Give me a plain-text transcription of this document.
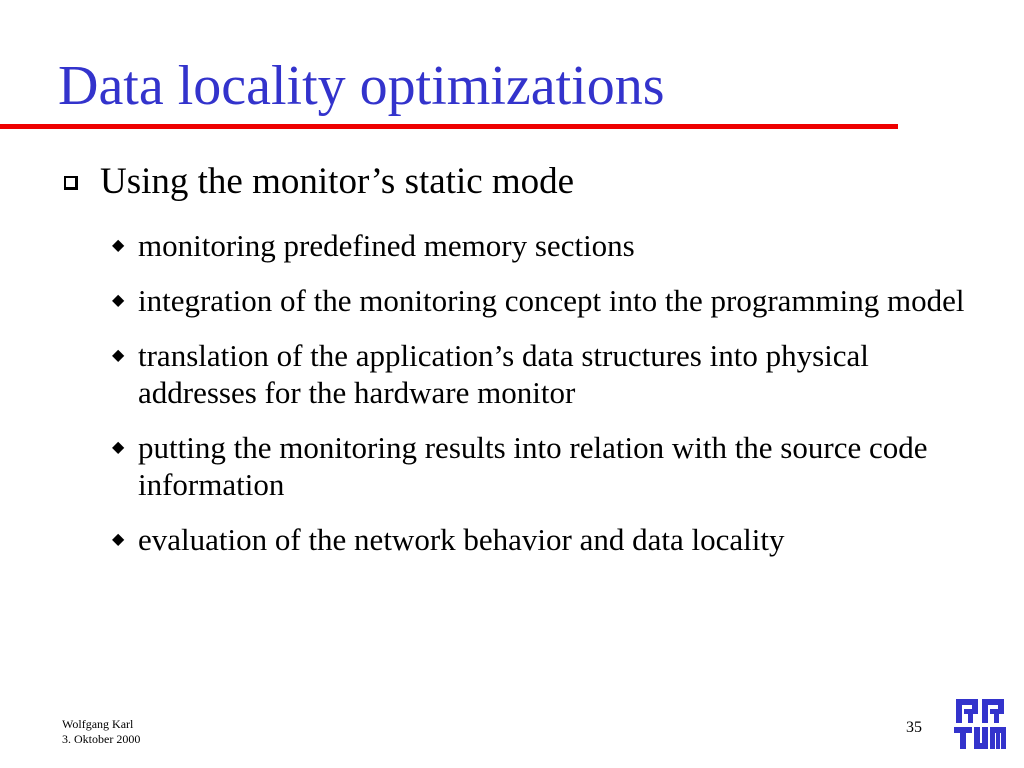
Data locality optimizations
Using the monitor’s static mode
◆ monitoring predefined memory sections
◆ integration of the monitoring concept into the programming model
◆ translation of the application’s data structures into physical addresses for the hardware monitor
◆ putting the monitoring results into relation with the source code information
◆ evaluation of the network behavior and data locality
Wolfgang Karl
3. Oktober 2000
35
